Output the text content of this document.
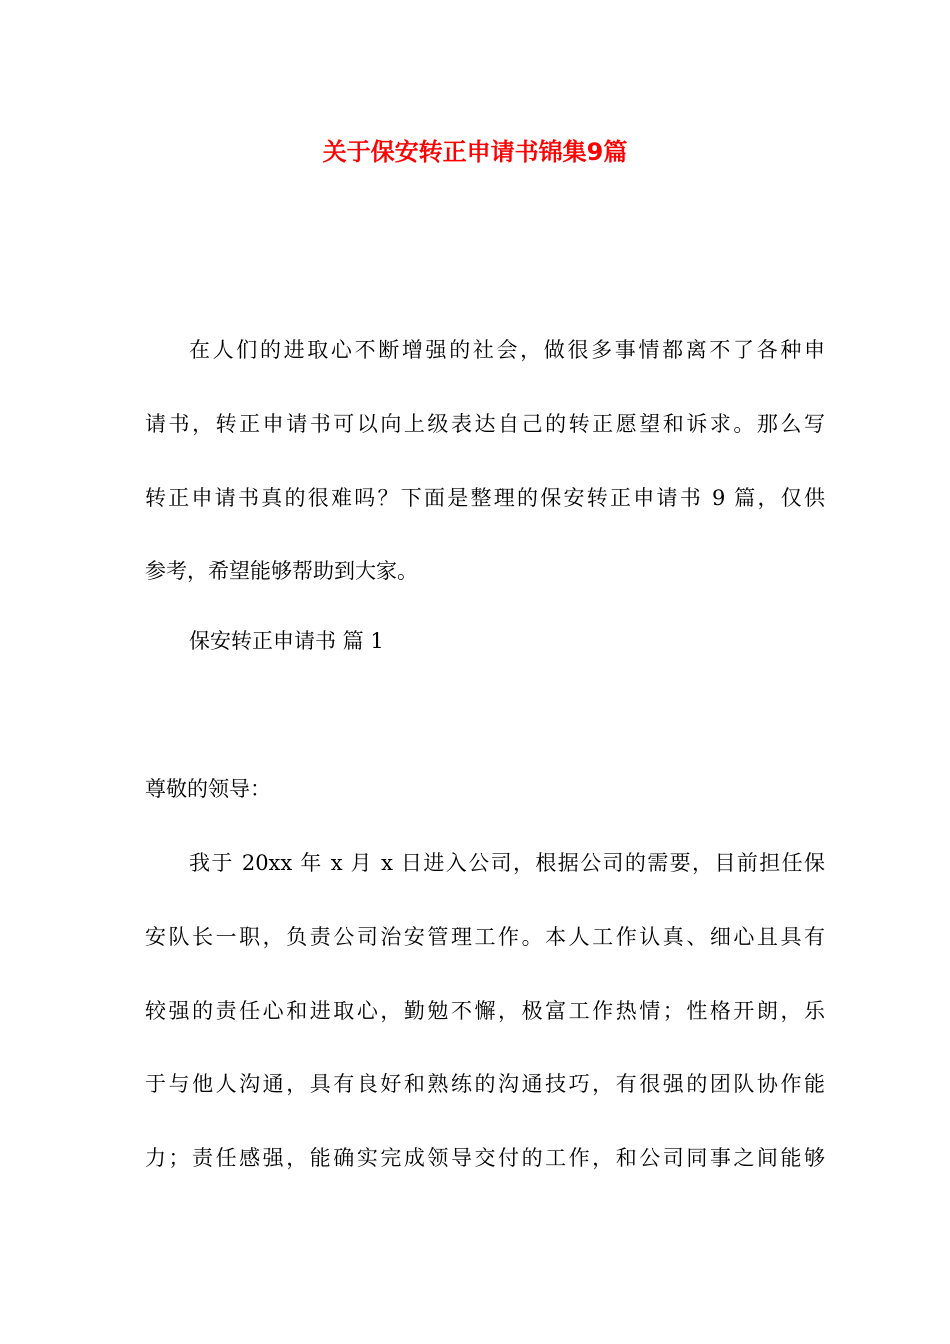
关于保安转正申请书锦集9篇
在人们的进取心不断增强的社会，做很多事情都离不了各种申
请书，转正申请书可以向上级表达自己的转正愿望和诉求。那么写
转正申请书真的很难吗？下面是整理的保安转正申请书 9 篇，仅供
参考，希望能够帮助到大家。
保安转正申请书 篇 1
尊敬的领导：
我于 20xx 年 x 月 x 日进入公司，根据公司的需要，目前担任保
安队长一职，负责公司治安管理工作。本人工作认真、细心且具有
较强的责任心和进取心，勤勉不懈，极富工作热情；性格开朗，乐
于与他人沟通，具有良好和熟练的沟通技巧，有很强的团队协作能
力；责任感强，能确实完成领导交付的工作，和公司同事之间能够
